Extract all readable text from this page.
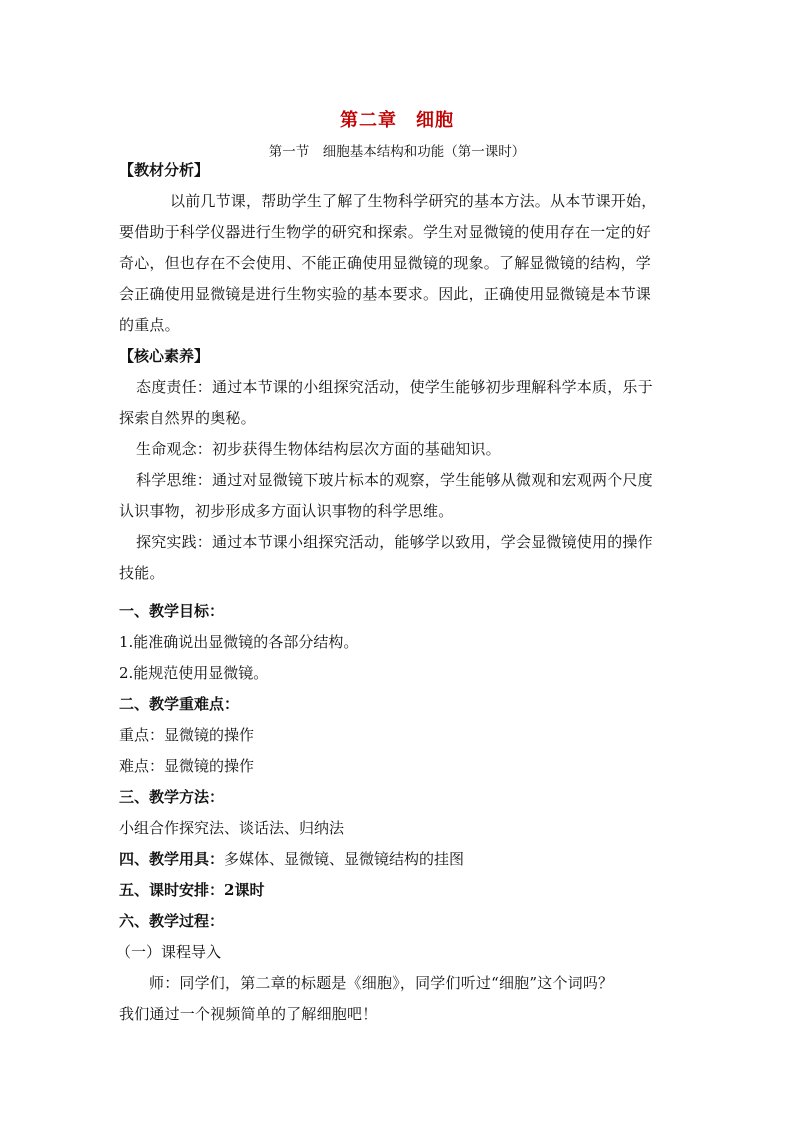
第二章　细胞
第一节　细胞基本结构和功能（第一课时）
【教材分析】
以前几节课，帮助学生了解了生物科学研究的基本方法。从本节课开始，
要借助于科学仪器进行生物学的研究和探索。学生对显微镜的使用存在一定的好
奇心，但也存在不会使用、不能正确使用显微镜的现象。了解显微镜的结构，学
会正确使用显微镜是进行生物实验的基本要求。因此，正确使用显微镜是本节课
的重点。
【核心素养】
态度责任：通过本节课的小组探究活动，使学生能够初步理解科学本质，乐于
探索自然界的奥秘。
生命观念：初步获得生物体结构层次方面的基础知识。
科学思维：通过对显微镜下玻片标本的观察，学生能够从微观和宏观两个尺度
认识事物，初步形成多方面认识事物的科学思维。
探究实践：通过本节课小组探究活动，能够学以致用，学会显微镜使用的操作
技能。
一、教学目标：
1.能准确说出显微镜的各部分结构。
2.能规范使用显微镜。
二、教学重难点：
重点：显微镜的操作
难点：显微镜的操作
三、教学方法：
小组合作探究法、谈话法、归纳法
四、教学用具：多媒体、显微镜、显微镜结构的挂图
五、课时安排：2课时
六、教学过程：
（一）课程导入
师：同学们，第二章的标题是《细胞》，同学们听过“细胞”这个词吗？
我们通过一个视频简单的了解细胞吧！
